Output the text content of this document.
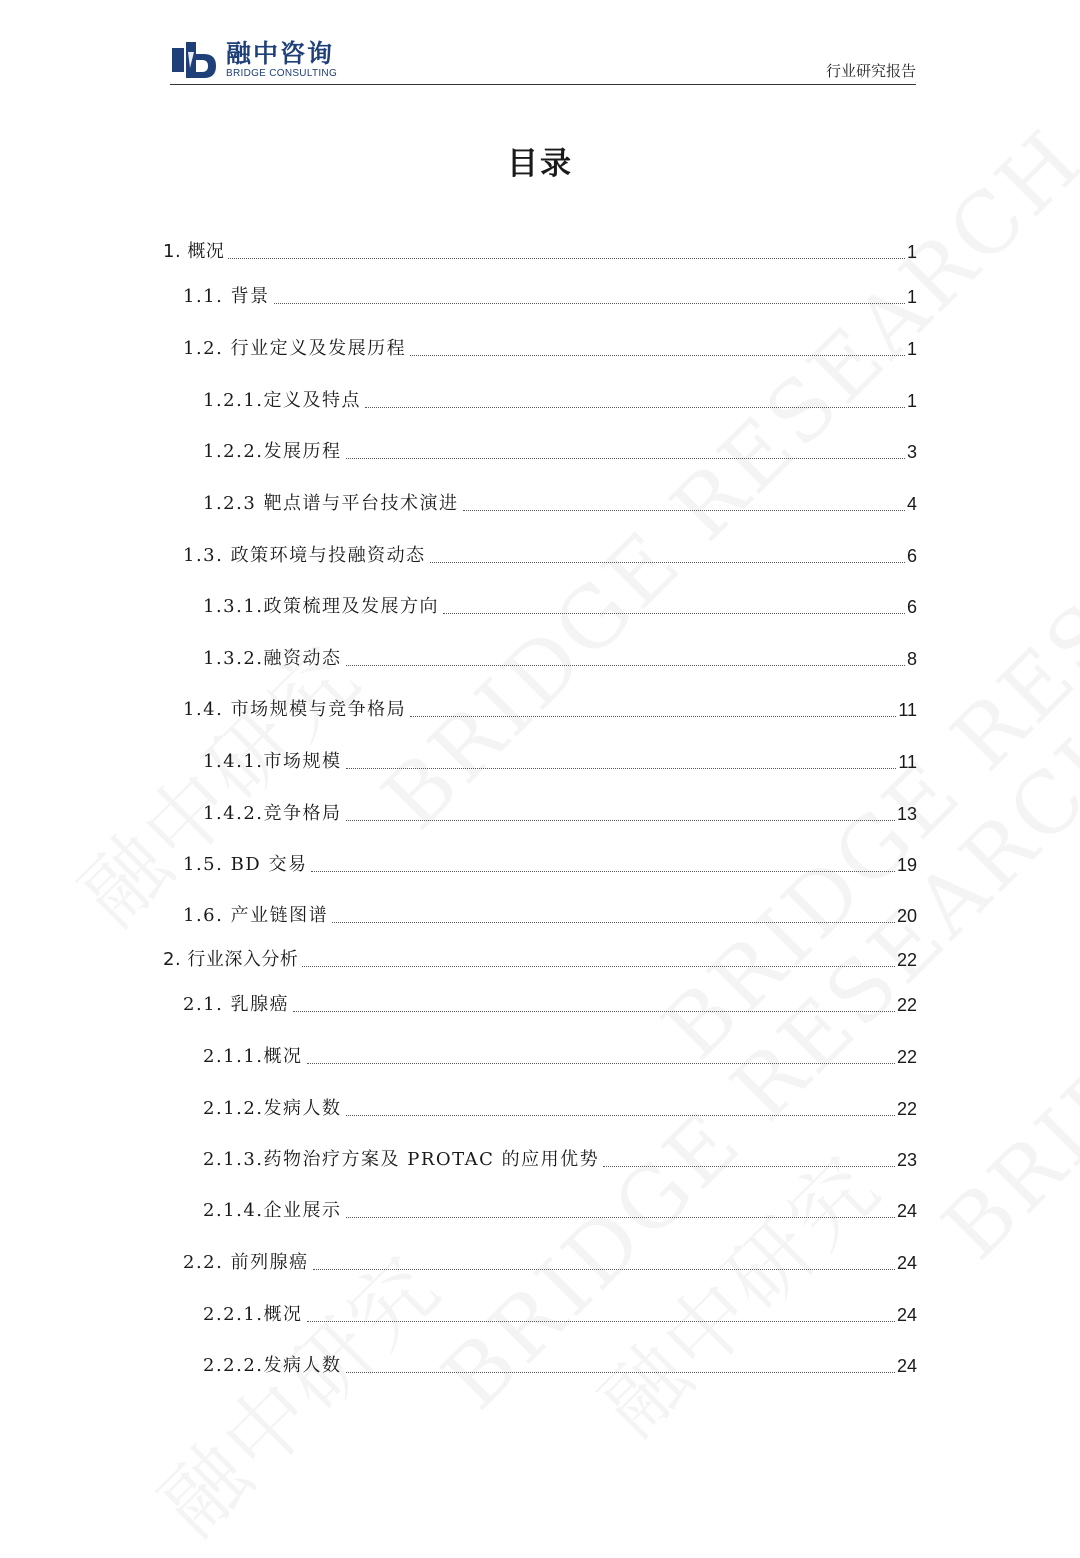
融中咨询
BRIDGE CONSULTING	行业研究报告
目录
1. 概况	1
1.1. 背景	1
1.2. 行业定义及发展历程	1
1.2.1.定义及特点	1
1.2.2.发展历程	3
1.2.3 靶点谱与平台技术演进	4
1.3. 政策环境与投融资动态	6
1.3.1.政策梳理及发展方向	6
1.3.2.融资动态	8
1.4. 市场规模与竞争格局	11
1.4.1.市场规模	11
1.4.2.竞争格局	13
1.5. BD 交易	19
1.6. 产业链图谱	20
2. 行业深入分析	22
2.1. 乳腺癌	22
2.1.1.概况	22
2.1.2.发病人数	22
2.1.3.药物治疗方案及 PROTAC 的应用优势	23
2.1.4.企业展示	24
2.2. 前列腺癌	24
2.2.1.概况	24
2.2.2.发病人数	24
